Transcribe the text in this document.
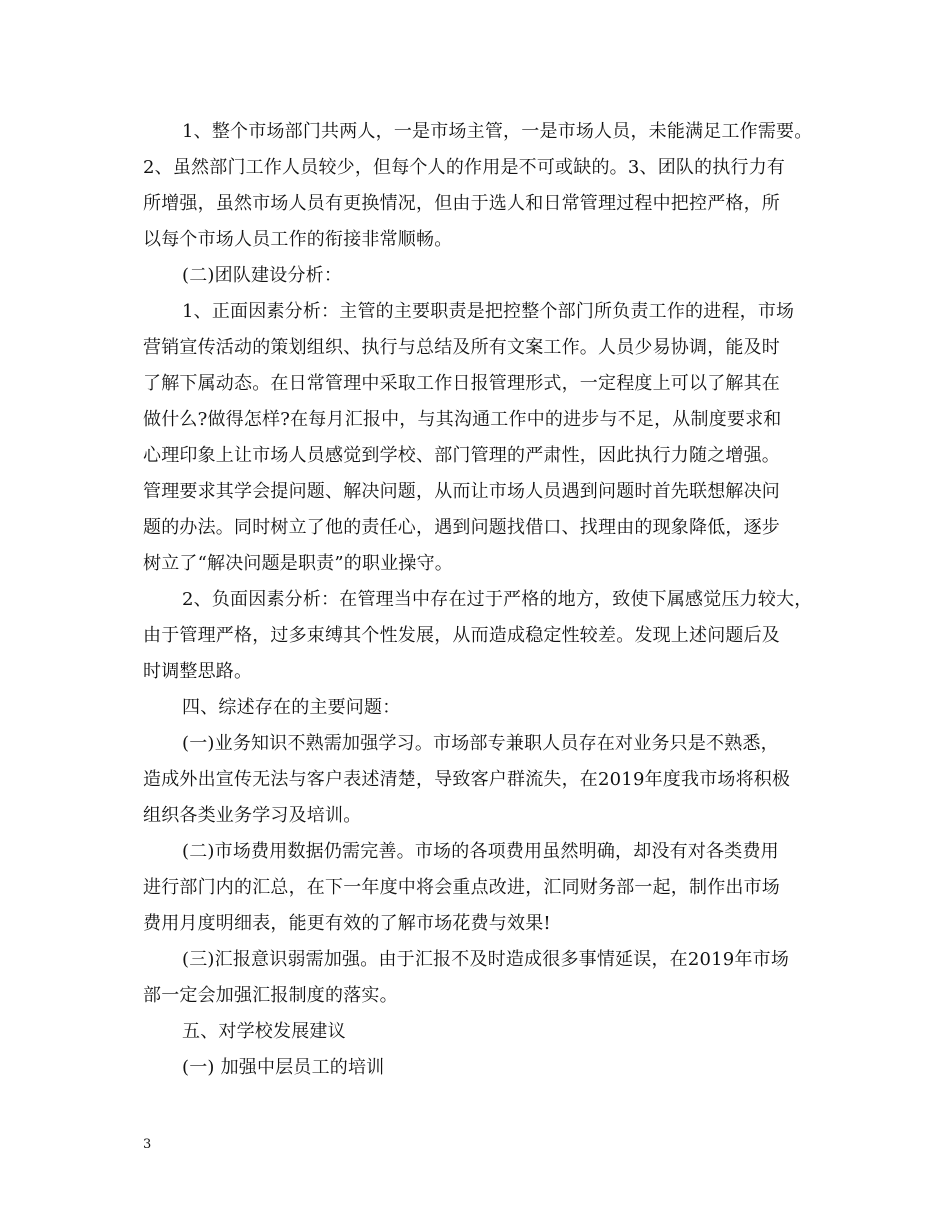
1、整个市场部门共两人，一是市场主管，一是市场人员，未能满足工作需要。
2、虽然部门工作人员较少，但每个人的作用是不可或缺的。3、团队的执行力有
所增强，虽然市场人员有更换情况，但由于选人和日常管理过程中把控严格，所
以每个市场人员工作的衔接非常顺畅。
(二)团队建设分析：
1、正面因素分析：主管的主要职责是把控整个部门所负责工作的进程，市场
营销宣传活动的策划组织、执行与总结及所有文案工作。人员少易协调，能及时
了解下属动态。在日常管理中采取工作日报管理形式，一定程度上可以了解其在
做什么?做得怎样?在每月汇报中，与其沟通工作中的进步与不足，从制度要求和
心理印象上让市场人员感觉到学校、部门管理的严肃性，因此执行力随之增强。
管理要求其学会提问题、解决问题，从而让市场人员遇到问题时首先联想解决问
题的办法。同时树立了他的责任心，遇到问题找借口、找理由的现象降低，逐步
树立了“解决问题是职责”的职业操守。
2、负面因素分析：在管理当中存在过于严格的地方，致使下属感觉压力较大，
由于管理严格，过多束缚其个性发展，从而造成稳定性较差。发现上述问题后及
时调整思路。
四、综述存在的主要问题：
(一)业务知识不熟需加强学习。市场部专兼职人员存在对业务只是不熟悉，
造成外出宣传无法与客户表述清楚，导致客户群流失，在2019年度我市场将积极
组织各类业务学习及培训。
(二)市场费用数据仍需完善。市场的各项费用虽然明确，却没有对各类费用
进行部门内的汇总，在下一年度中将会重点改进，汇同财务部一起，制作出市场
费用月度明细表，能更有效的了解市场花费与效果!
(三)汇报意识弱需加强。由于汇报不及时造成很多事情延误，在2019年市场
部一定会加强汇报制度的落实。
五、对学校发展建议
(一) 加强中层员工的培训
3
